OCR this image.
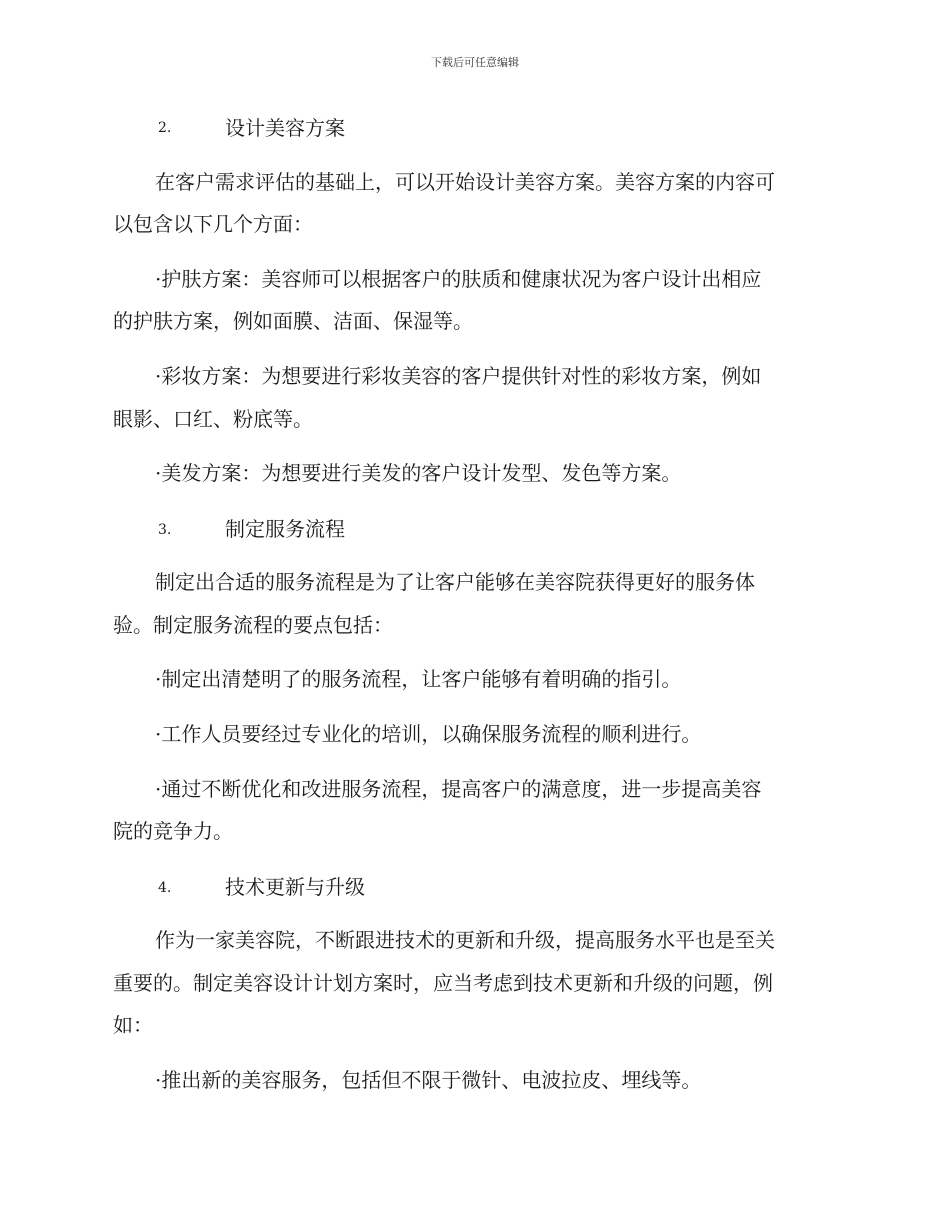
下载后可任意编辑
2.	设计美容方案
在客户需求评估的基础上，可以开始设计美容方案。美容方案的内容可
以包含以下几个方面：
·护肤方案：美容师可以根据客户的肤质和健康状况为客户设计出相应
的护肤方案，例如面膜、洁面、保湿等。
·彩妆方案：为想要进行彩妆美容的客户提供针对性的彩妆方案，例如
眼影、口红、粉底等。
·美发方案：为想要进行美发的客户设计发型、发色等方案。
3.	制定服务流程
制定出合适的服务流程是为了让客户能够在美容院获得更好的服务体
验。制定服务流程的要点包括：
·制定出清楚明了的服务流程，让客户能够有着明确的指引。
·工作人员要经过专业化的培训，以确保服务流程的顺利进行。
·通过不断优化和改进服务流程，提高客户的满意度，进一步提高美容
院的竞争力。
4.	技术更新与升级
作为一家美容院，不断跟进技术的更新和升级，提高服务水平也是至关
重要的。制定美容设计计划方案时，应当考虑到技术更新和升级的问题，例
如：
·推出新的美容服务，包括但不限于微针、电波拉皮、埋线等。
